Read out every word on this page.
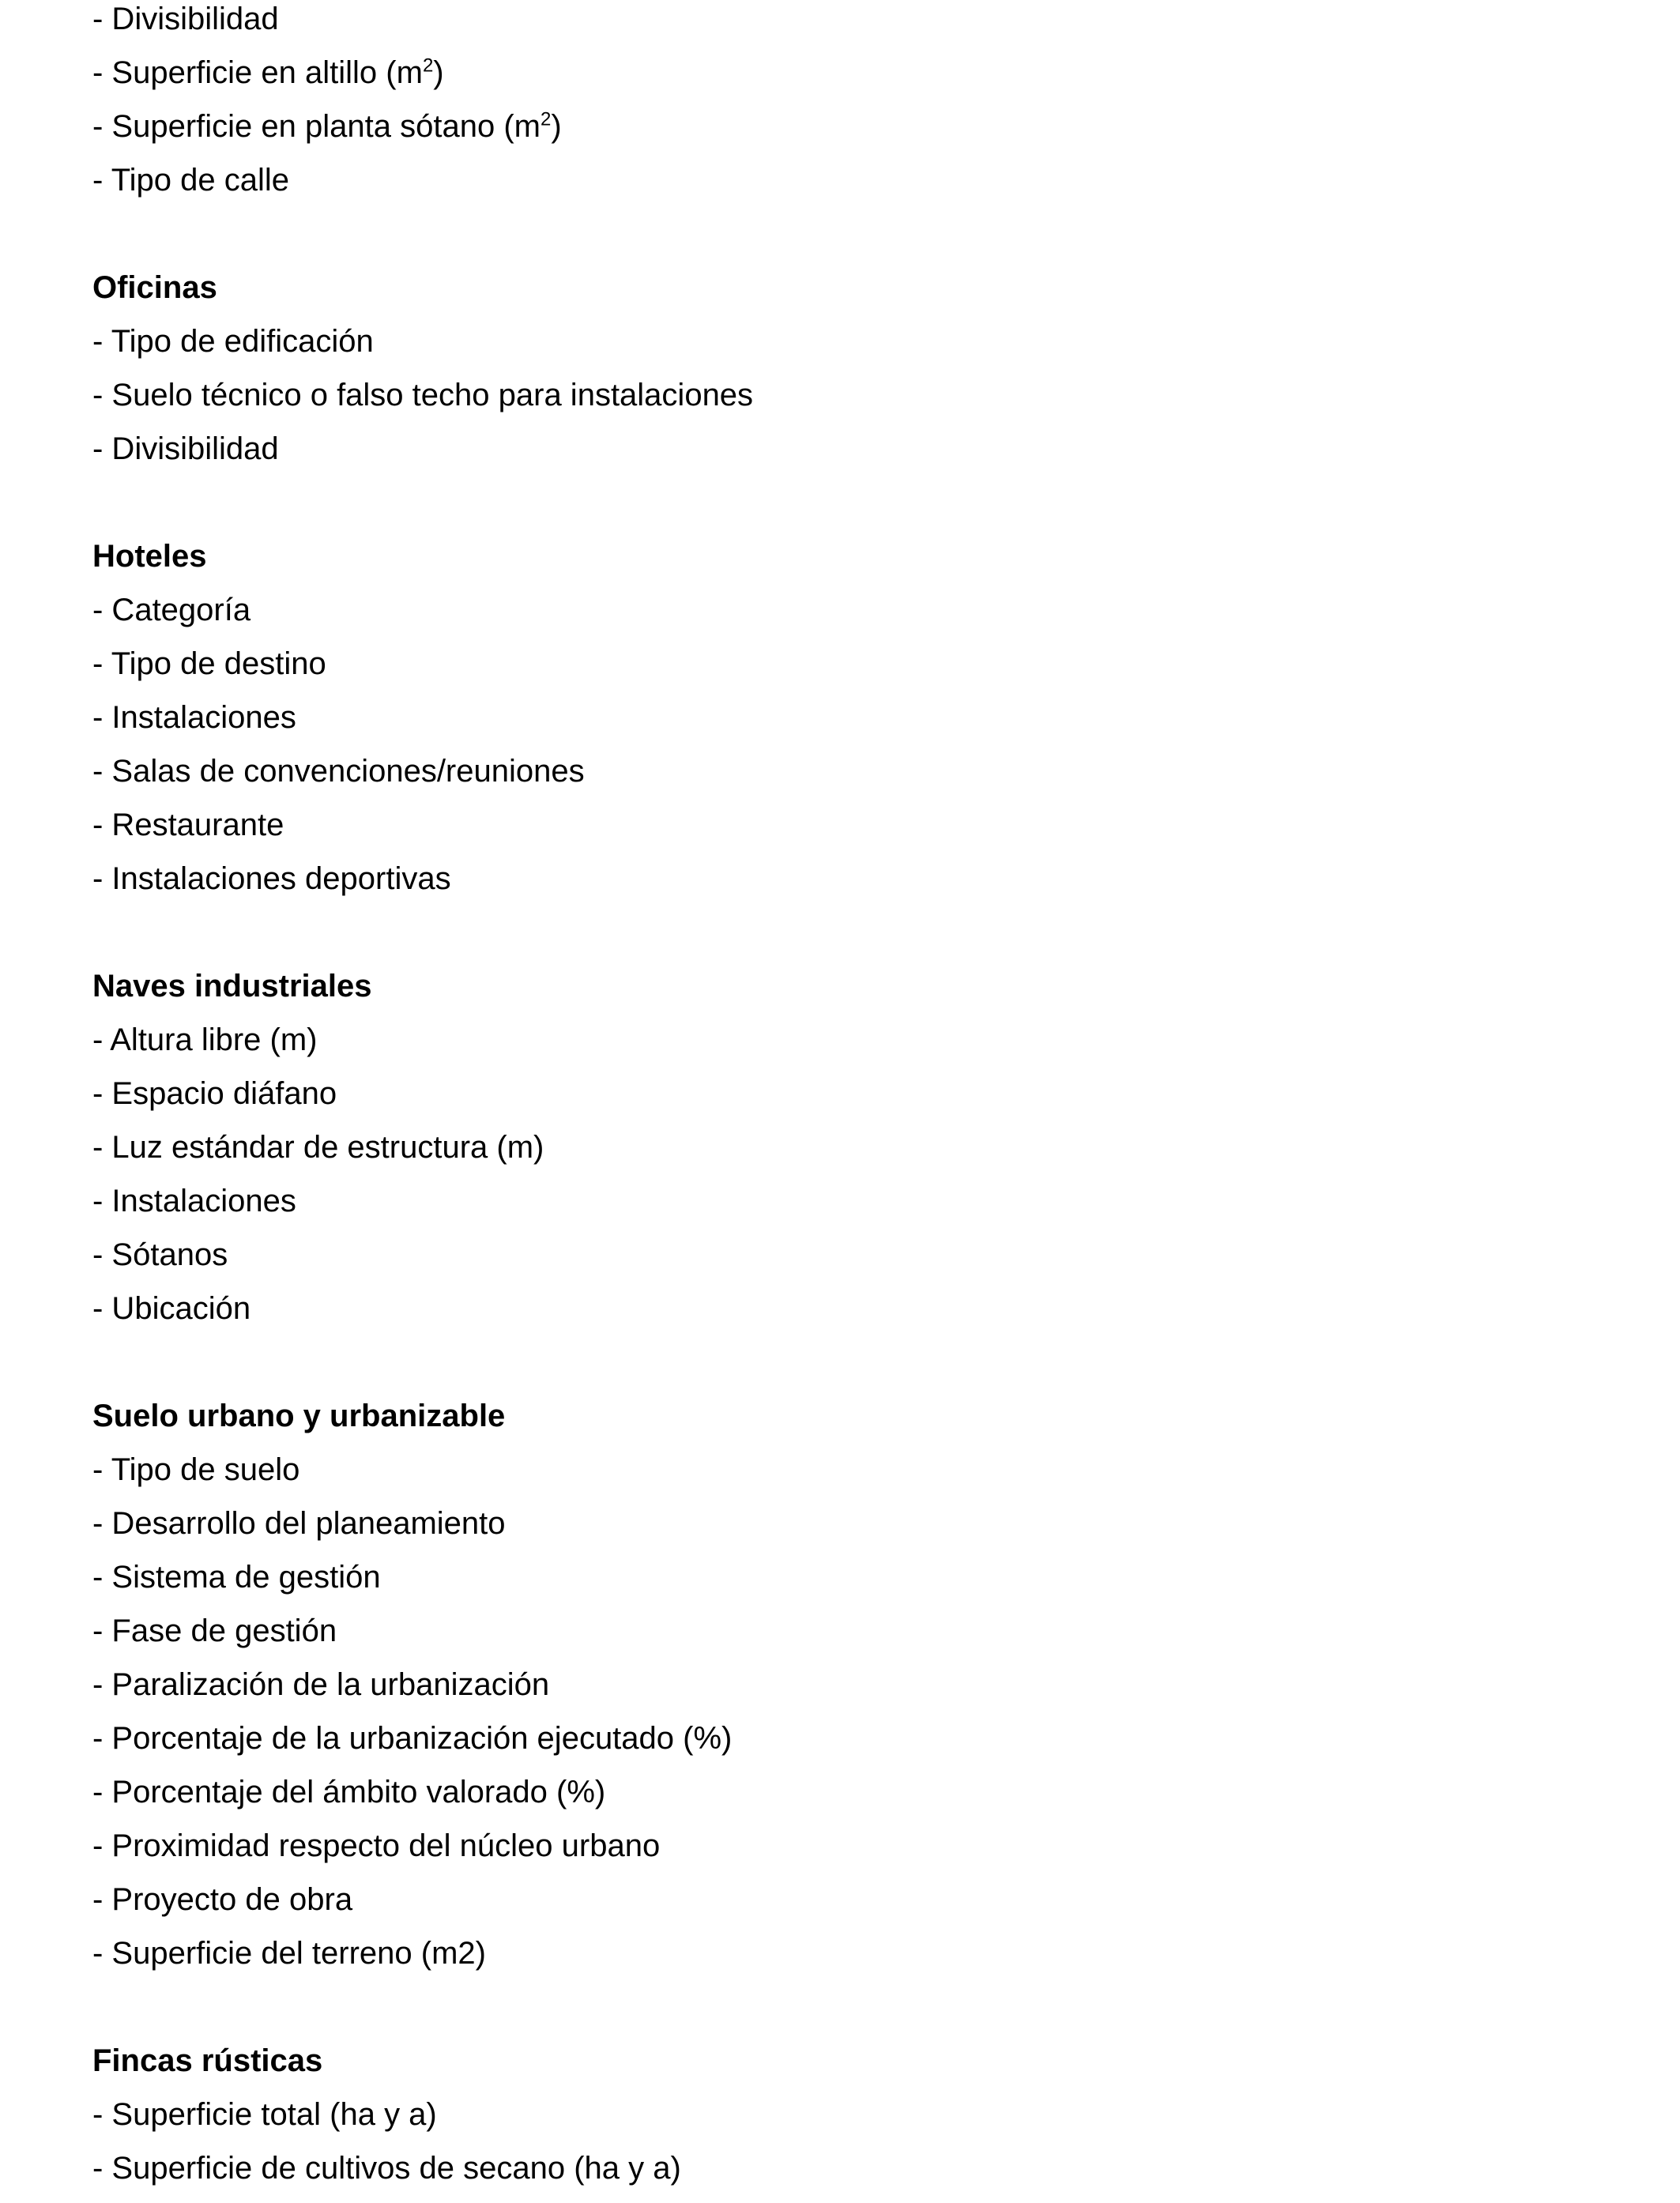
- Divisibilidad
- Superficie en altillo $(m^2)$
- Superficie en planta sótano $(m^2)$
- Tipo de calle
Oficinas
- Tipo de edificación
- Suelo técnico o falso techo para instalaciones
- Divisibilidad
Hoteles
- Categoría
- Tipo de destino
- Instalaciones
- Salas de convenciones/reuniones
- Restaurante
- Instalaciones deportivas
Naves industriales
- Altura libre (m)
- Espacio diáfano
- Luz estándar de estructura (m)
- Instalaciones
- Sótanos
- Ubicación
Suelo urbano y urbanizable
- Tipo de suelo
- Desarrollo del planeamiento
- Sistema de gestión
- Fase de gestión
- Paralización de la urbanización
- Porcentaje de la urbanización ejecutado (%)
- Porcentaje del ámbito valorado (%)
- Proximidad respecto del núcleo urbano
- Proyecto de obra
- Superficie del terreno (m2)
Fincas rústicas
- Superficie total (ha y a)
- Superficie de cultivos de secano (ha y a)
